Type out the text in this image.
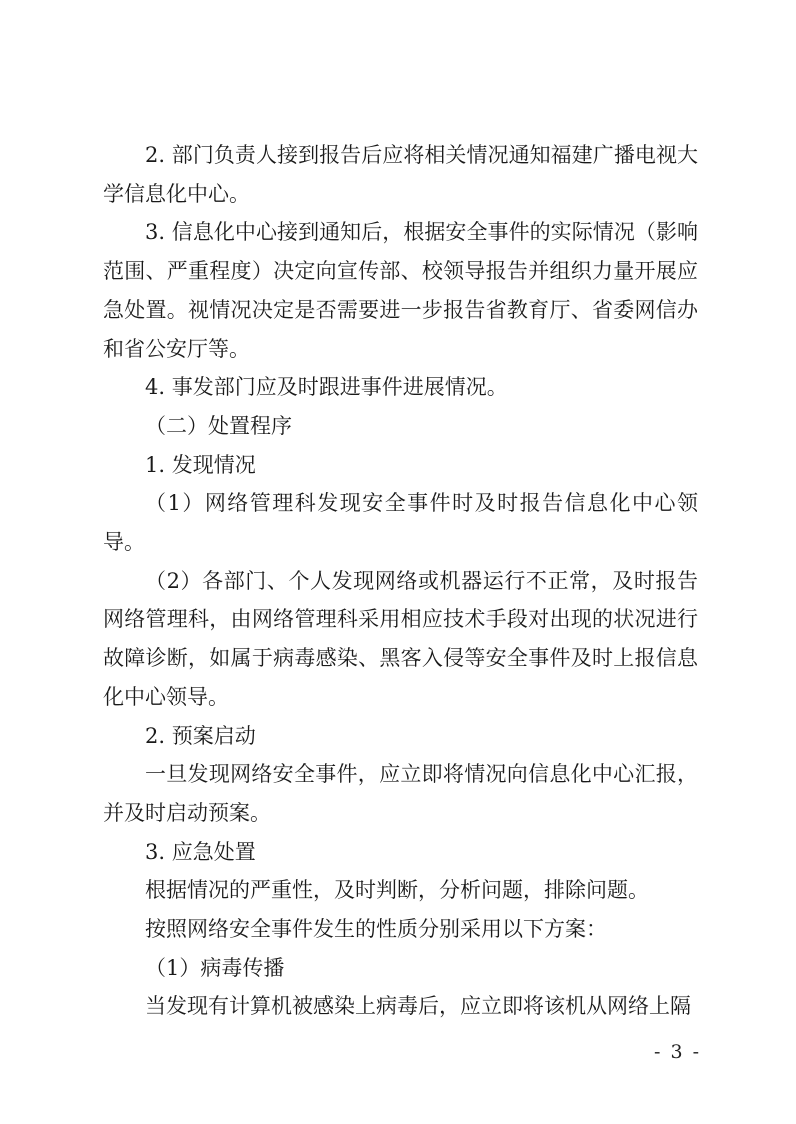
2. 部门负责人接到报告后应将相关情况通知福建广播电视大学信息化中心。

3. 信息化中心接到通知后，根据安全事件的实际情况（影响范围、严重程度）决定向宣传部、校领导报告并组织力量开展应急处置。视情况决定是否需要进一步报告省教育厅、省委网信办和省公安厅等。

4. 事发部门应及时跟进事件进展情况。

（二）处置程序

1. 发现情况

（1）网络管理科发现安全事件时及时报告信息化中心领导。

（2）各部门、个人发现网络或机器运行不正常，及时报告网络管理科，由网络管理科采用相应技术手段对出现的状况进行故障诊断，如属于病毒感染、黑客入侵等安全事件及时上报信息化中心领导。

2. 预案启动

一旦发现网络安全事件，应立即将情况向信息化中心汇报，并及时启动预案。

3. 应急处置

根据情况的严重性，及时判断，分析问题，排除问题。

按照网络安全事件发生的性质分别采用以下方案：

（1）病毒传播

当发现有计算机被感染上病毒后，应立即将该机从网络上隔

- 3 -
